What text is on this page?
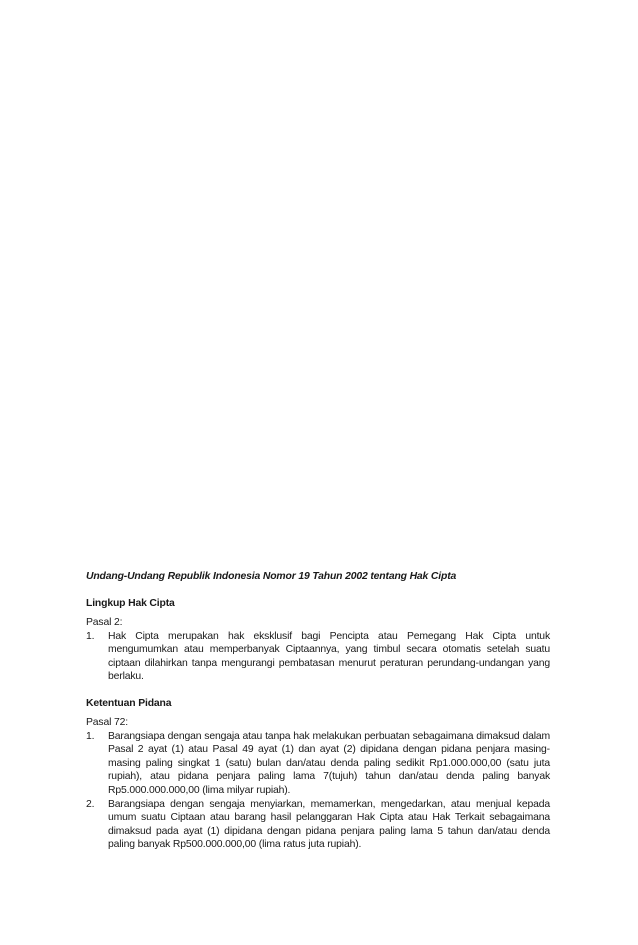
Undang-Undang Republik Indonesia Nomor 19 Tahun 2002 tentang Hak Cipta

Lingkup Hak Cipta

Pasal 2:

1.	Hak Cipta merupakan hak eksklusif bagi Pencipta atau Pemegang Hak Cipta untuk mengumumkan atau memperbanyak Ciptaannya, yang timbul secara otomatis setelah suatu ciptaan dilahirkan tanpa mengurangi pembatasan menurut peraturan perundang-undangan yang berlaku.

Ketentuan Pidana

Pasal 72:

1.	Barangsiapa dengan sengaja atau tanpa hak melakukan perbuatan sebagaimana dimaksud dalam Pasal 2 ayat (1) atau Pasal 49 ayat (1) dan ayat (2) dipidana dengan pidana penjara masing-masing paling singkat 1 (satu) bulan dan/atau denda paling sedikit Rp1.000.000,00 (satu juta rupiah), atau pidana penjara paling lama 7(tujuh) tahun dan/atau denda paling banyak Rp5.000.000.000,00 (lima milyar rupiah).
2.	Barangsiapa dengan sengaja menyiarkan, memamerkan, mengedarkan, atau menjual kepada umum suatu Ciptaan atau barang hasil pelanggaran Hak Cipta atau Hak Terkait sebagaimana dimaksud pada ayat (1) dipidana dengan pidana penjara paling lama 5 tahun dan/atau denda paling banyak Rp500.000.000,00 (lima ratus juta rupiah).
